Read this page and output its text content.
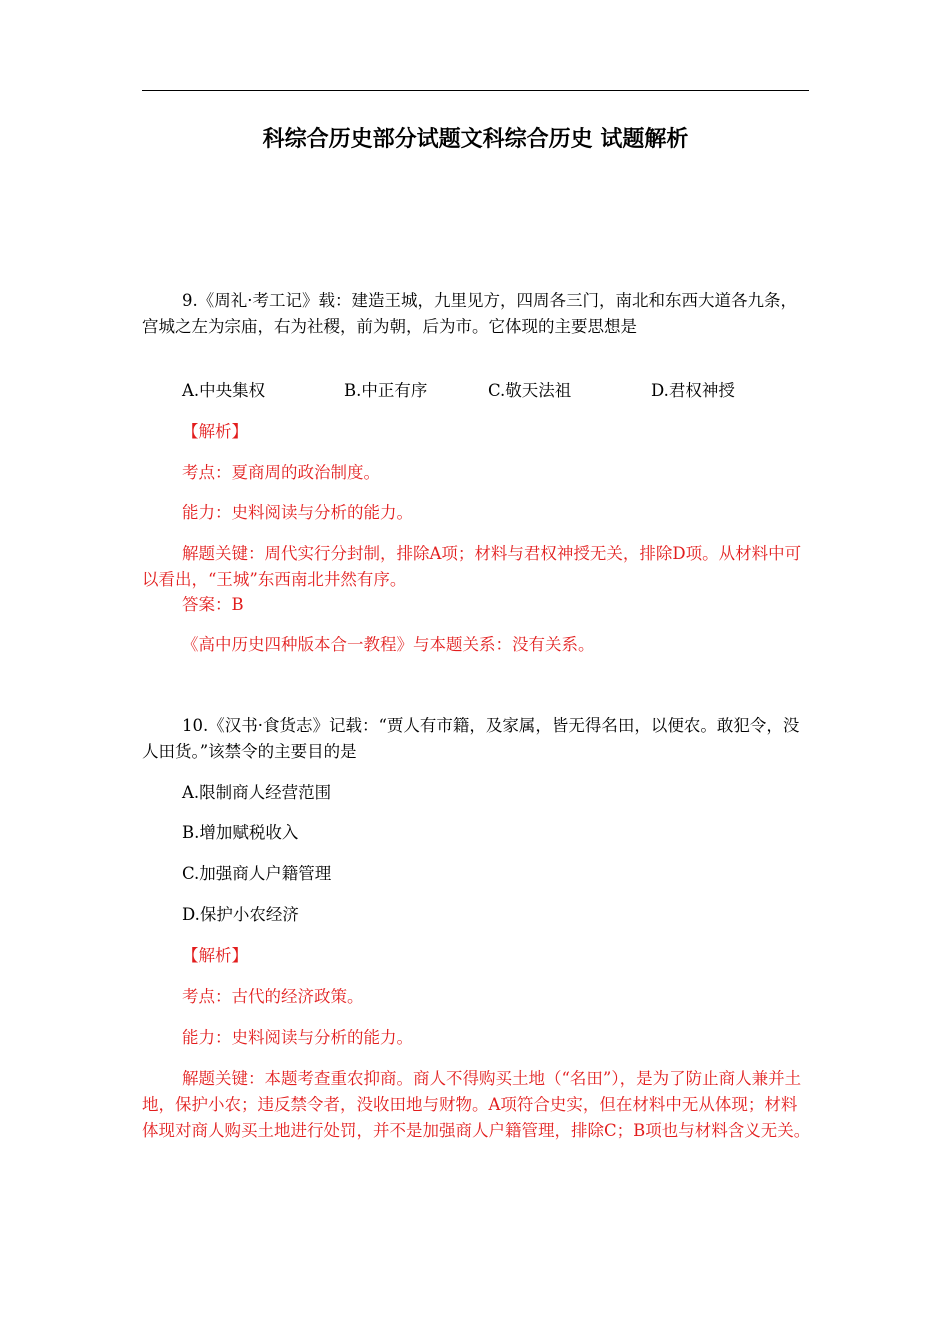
科综合历史部分试题文科综合历史 试题解析

9.《周礼·考工记》载：建造王城，九里见方，四周各三门，南北和东西大道各九条，宫城之左为宗庙，右为社稷，前为朝，后为市。它体现的主要思想是

A.中央集权	B.中正有序	C.敬天法祖	D.君权神授
【解析】
考点：夏商周的政治制度。
能力：史料阅读与分析的能力。

解题关键：周代实行分封制，排除A项；材料与君权神授无关，排除D项。从材料中可以看出，“王城”东西南北井然有序。

答案：B
《高中历史四种版本合一教程》与本题关系：没有关系。

10.《汉书·食货志》记载：“贾人有市籍，及家属，皆无得名田，以便农。敢犯令，没人田货。”该禁令的主要目的是

A.限制商人经营范围
B.增加赋税收入
C.加强商人户籍管理
D.保护小农经济
【解析】
考点：古代的经济政策。
能力：史料阅读与分析的能力。

解题关键：本题考查重农抑商。商人不得购买土地（“名田”），是为了防止商人兼并土地，保护小农；违反禁令者，没收田地与财物。A项符合史实，但在材料中无从体现；材料体现对商人购买土地进行处罚，并不是加强商人户籍管理，排除C；B项也与材料含义无关。
